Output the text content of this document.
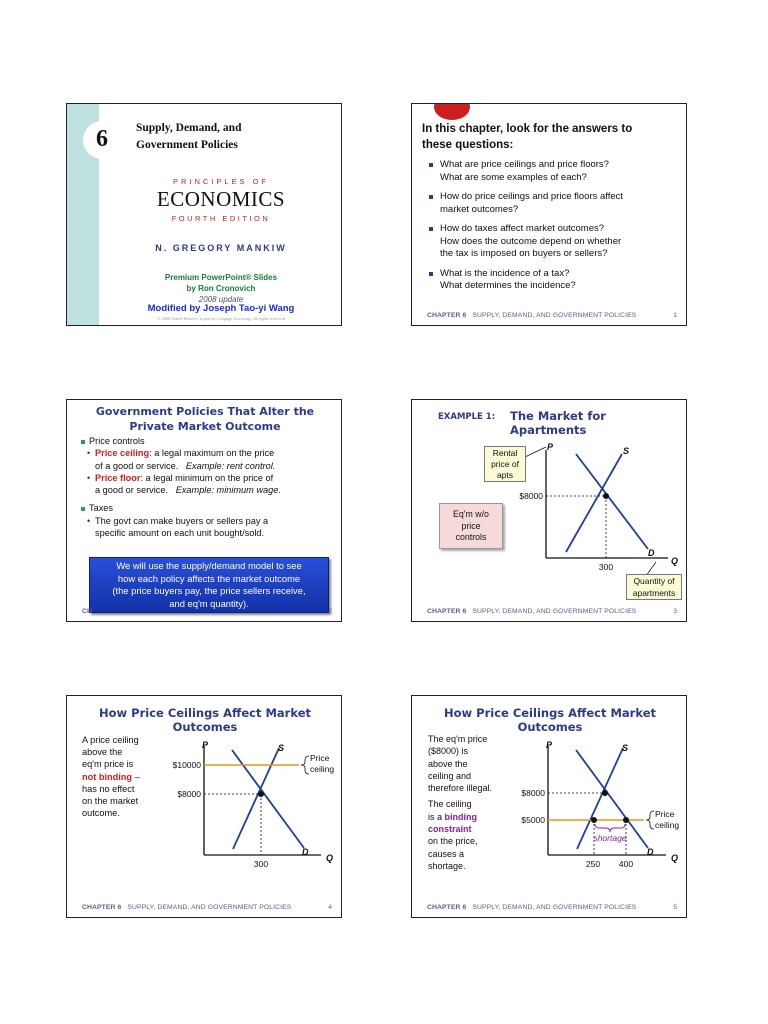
6	Supply, Demand, and
Government Policies
PRINCIPLES OF
ECONOMICS
FOURTH EDITION
N. GREGORY MANKIW
Premium PowerPoint® Slides
by Ron Cronovich
2008 update
Modified by Joseph Tao-yi Wang
© 2008 South-Western, a part of Cengage Learning, all rights reserved
In this chapter, look for the answers to
these questions:
What are price ceilings and price floors?
What are some examples of each?
How do price ceilings and price floors affect
market outcomes?
How do taxes affect market outcomes?
How does the outcome depend on whether
the tax is imposed on buyers or sellers?
What is the incidence of a tax?
What determines the incidence?
CHAPTER 6 SUPPLY, DEMAND, AND GOVERNMENT POLICIES	1
Government Policies That Alter the
Private Market Outcome
Price controls
• Price ceiling: a legal maximum on the price
of a good or service. Example: rent control.
• Price floor: a legal minimum on the price of
a good or service. Example: minimum wage.
Taxes
• The govt can make buyers or sellers pay a
specific amount on each unit bought/sold.
We will use the supply/demand model to see
how each policy affects the market outcome
(the price buyers pay, the price sellers receive,
and eq'm quantity).
CH	2
EXAMPLE 1: The Market for Apartments
P
Q
S
D
$8000
300
Rental
price of
apts
Eq'm w/o
price
controls
Quantity of
apartments
CHAPTER 6 SUPPLY, DEMAND, AND GOVERNMENT POLICIES	3
How Price Ceilings Affect Market Outcomes
A price ceiling
above the
eq'm price is
not binding –
has no effect
on the market
outcome.
P
Q
S
D
$10000
$8000
300
Price
ceiling
CHAPTER 6 SUPPLY, DEMAND, AND GOVERNMENT POLICIES	4
How Price Ceilings Affect Market Outcomes
The eq'm price
($8000) is
above the
ceiling and
therefore illegal.
The ceiling
is a binding
constraint
on the price,
causes a
shortage.
P
Q
S
D
$8000
$5000
250 400
shortage
Price
ceiling
CHAPTER 6 SUPPLY, DEMAND, AND GOVERNMENT POLICIES	5
